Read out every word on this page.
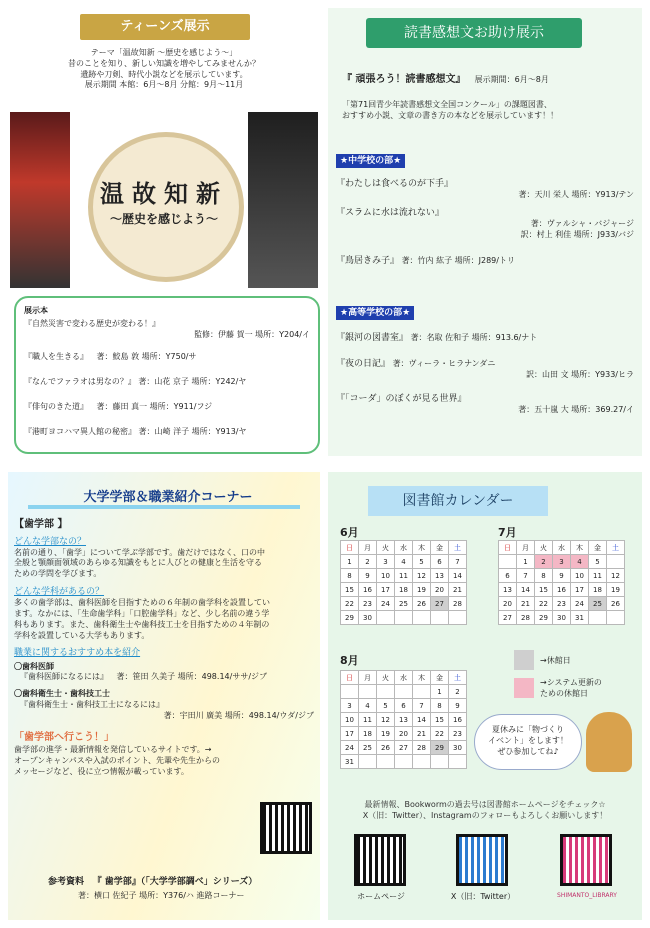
ティーンズ展示
テーマ「温故知新 ～歴史を感じよう～」
昔のことを知り、新しい知識を増やしてみませんか？
遺跡や刀剣、時代小説などを展示しています。
展示期間 本館：6月～8月 分館：9月～11月
温故知新
～歴史を感じよう～
展示本
『自然災害で変わる歴史が変わる！』
監修：伊藤 賀一 場所：Y204/イ
『職人を生きる』 著：鮫島 敦 場所：Y750/サ
『なんでファラオは男なの？』 著：山花 京子 場所：Y242/ヤ
『俳句のきた道』 著：藤田 真一 場所：Y911/フジ
『港町ヨコハマ異人館の秘密』 著：山崎 洋子 場所：Y913/ヤ
読書感想文お助け展示
『 頑張ろう！読書感想文』 展示期間：6月～8月
「第71回青少年読書感想文全国コンクール」の課題図書、
おすすめ小説、文章の書き方の本などを展示しています！！
★中学校の部★
『わたしは食べるのが下手』
著：天川 栄人 場所：Y913/テン
『スラムに水は流れない』
著：ヴァルシャ・バジャージ
訳：村上 利佳 場所：J933/バジ
『鳥居きみ子』 著：竹内 紘子 場所：J289/トリ
★高等学校の部★
『銀河の図書室』 著：名取 佐和子 場所：913.6/ナト
『夜の日記』 著：ヴィーラ・ヒラナンダニ
訳：山田 文 場所：Y933/ヒラ
『「コーダ」のぼくが見る世界』
著：五十嵐 大 場所：369.27/イ
大学学部＆職業紹介コーナー
【歯学部 】
どんな学部なの？
名前の通り、「歯学」について学ぶ学部です。歯だけではなく、口の中
全般と顎顔面領域のあらゆる知識をもとに人びとの健康と生活を守る
ための学問を学びます。
どんな学科があるの？
多くの歯学部は、歯科医師を目指すための６年制の歯学科を設置してい
ます。なかには、「生命歯学科」「口腔歯学科」など、少し名前の違う学
科もあります。また、歯科衛生士や歯科技工士を目指すための４年制の
学科を設置している大学もあります。
職業に関するおすすめ本を紹介
〇歯科医師
『歯科医師になるには』 著：笹田 久美子 場所：498.14/ササ/ジブ
〇歯科衛生士・歯科技工士
『歯科衛生士・歯科技工士になるには』
著：宇田川 廣美 場所：498.14/ウダ/ジブ
「歯学部へ行こう！」
歯学部の進学・最新情報を発信しているサイトです。→
オープンキャンパスや入試のポイント、先輩や先生からの
メッセージなど、役に立つ情報が載っています。
参考資料 『 歯学部』（「大学学部調べ」シリーズ）
著：横口 佐紀子 場所：Y376/ハ 進路コーナー
図書館カレンダー
6月
日	月	火	水	木	金	土
1	2	3	4	5	6	7
8	9	10	11	12	13	14
15	16	17	18	19	20	21
22	23	24	25	26	27	28
29	30					
7月
日	月	火	水	木	金	土
	1	2	3	4	5	
6	7	8	9	10	11	12
13	14	15	16	17	18	19
20	21	22	23	24	25	26
27	28	29	30	31		
8月
日	月	火	水	木	金	土
					1	2
3	4	5	6	7	8	9
10	11	12	13	14	15	16
17	18	19	20	21	22	23
24	25	26	27	28	29	30
31						
→休館日
→システム更新の
ための休館日
夏休みに「物づくり
イベント」をします！
ぜひ参加してね♪
最新情報、Bookwormの過去号は図書館ホームページをチェック☆
X（旧：Twitter）、Instagramのフォローもよろしくお願いします！
ホームページ	X（旧：Twitter）	SHIMANTO_LIBRARY
